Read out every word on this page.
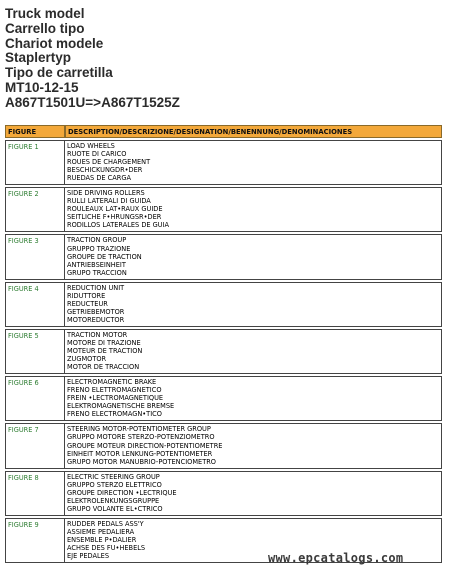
Truck model
Carrello tipo
Chariot modele
Staplertyp
Tipo de carretilla
MT10-12-15
A867T1501U=>A867T1525Z
FIGURE	DESCRIPTION/DESCRIZIONE/DESIGNATION/BENENNUNG/DENOMINACIONES

FIGURE 1	LOAD WHEELS
RUOTE DI CARICO
ROUES DE CHARGEMENT
BESCHICKUNGDR•DER
RUEDAS DE CARGA

FIGURE 2	SIDE DRIVING ROLLERS
RULLI LATERALI DI GUIDA
ROULEAUX LAT•RAUX GUIDE
SEITLICHE F•HRUNGSR•DER
RODILLOS LATERALES DE GUIA

FIGURE 3	TRACTION GROUP
GRUPPO TRAZIONE
GROUPE DE TRACTION
ANTRIEBSEINHEIT
GRUPO TRACCION

FIGURE 4	REDUCTION UNIT
RIDUTTORE
REDUCTEUR
GETRIEBEMOTOR
MOTOREDUCTOR

FIGURE 5	TRACTION MOTOR
MOTORE DI TRAZIONE
MOTEUR DE TRACTION
ZUGMOTOR
MOTOR DE TRACCION

FIGURE 6	ELECTROMAGNETIC BRAKE
FRENO ELETTROMAGNETICO
FREIN •LECTROMAGNETIQUE
ELEKTROMAGNETISCHE BREMSE
FRENO ELECTROMAGN•TICO

FIGURE 7	STEERING MOTOR-POTENTIOMETER GROUP
GRUPPO MOTORE STERZO-POTENZIOMETRO
GROUPE MOTEUR DIRECTION-POTENTIOMETRE
EINHEIT MOTOR LENKUNG-POTENTIOMETER
GRUPO MOTOR MANUBRIO-POTENCIOMETRO

FIGURE 8	ELECTRIC STEERING GROUP
GRUPPO STERZO ELETTRICO
GROUPE DIRECTION •LECTRIQUE
ELEKTROLENKUNGSGRUPPE
GRUPO VOLANTE EL•CTRICO

FIGURE 9	RUDDER PEDALS ASS'Y
ASSIEME PEDALIERA
ENSEMBLE P•DALIER
ACHSE DES FU•HEBELS
EJE PEDALES	www.epcatalogs.com
